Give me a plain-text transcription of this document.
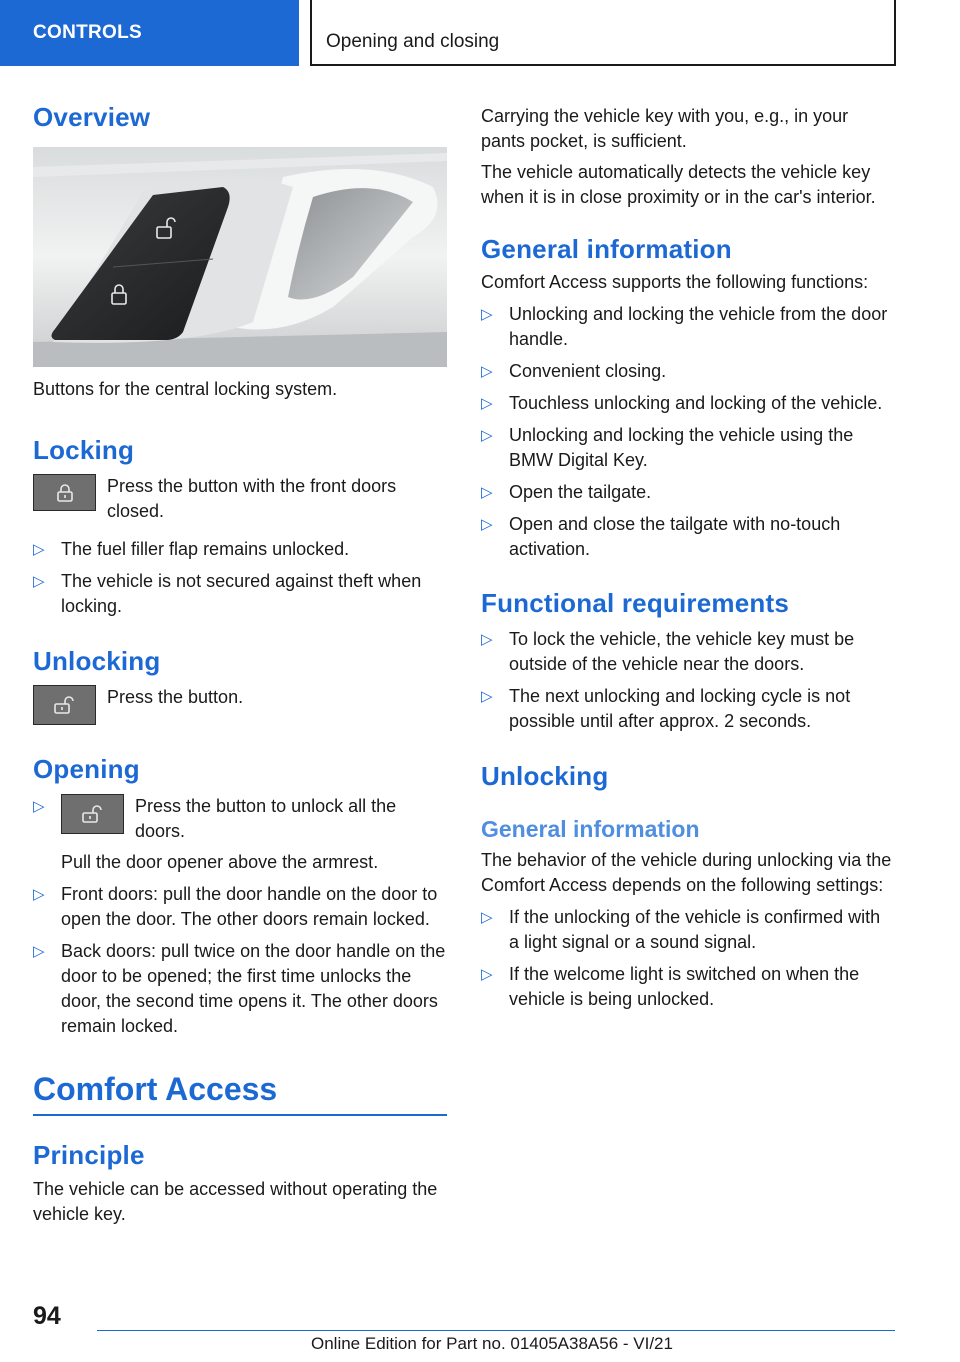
CONTROLS	Opening and closing
Overview

Buttons for the central locking system.

Locking

Press the button with the front doors closed.

▷ The fuel filler flap remains unlocked.
▷ The vehicle is not secured against theft when locking.
Unlocking

Press the button.

Opening
▷	Press the button to unlock all the doors.
Pull the door opener above the armrest.
▷ Front doors: pull the door handle on the door to open the door. The other doors remain locked.
▷ Back doors: pull twice on the door handle on the door to be opened; the first time unlocks the door, the second time opens it. The other doors remain locked.
Comfort Access
Principle

The vehicle can be accessed without operating the vehicle key.

Carrying the vehicle key with you, e.g., in your pants pocket, is sufficient.

The vehicle automatically detects the vehicle key when it is in close proximity or in the car's interior.

General information

Comfort Access supports the following functions:

▷ Unlocking and locking the vehicle from the door handle.
▷ Convenient closing.
▷ Touchless unlocking and locking of the vehicle.
▷ Unlocking and locking the vehicle using the BMW Digital Key.
▷ Open the tailgate.
▷ Open and close the tailgate with no-touch activation.
Functional requirements
▷ To lock the vehicle, the vehicle key must be outside of the vehicle near the doors.
▷ The next unlocking and locking cycle is not possible until after approx. 2 seconds.
Unlocking
General information

The behavior of the vehicle during unlocking via the Comfort Access depends on the following settings:

▷ If the unlocking of the vehicle is confirmed with a light signal or a sound signal.
▷ If the welcome light is switched on when the vehicle is being unlocked.
94
Online Edition for Part no. 01405A38A56 - VI/21
